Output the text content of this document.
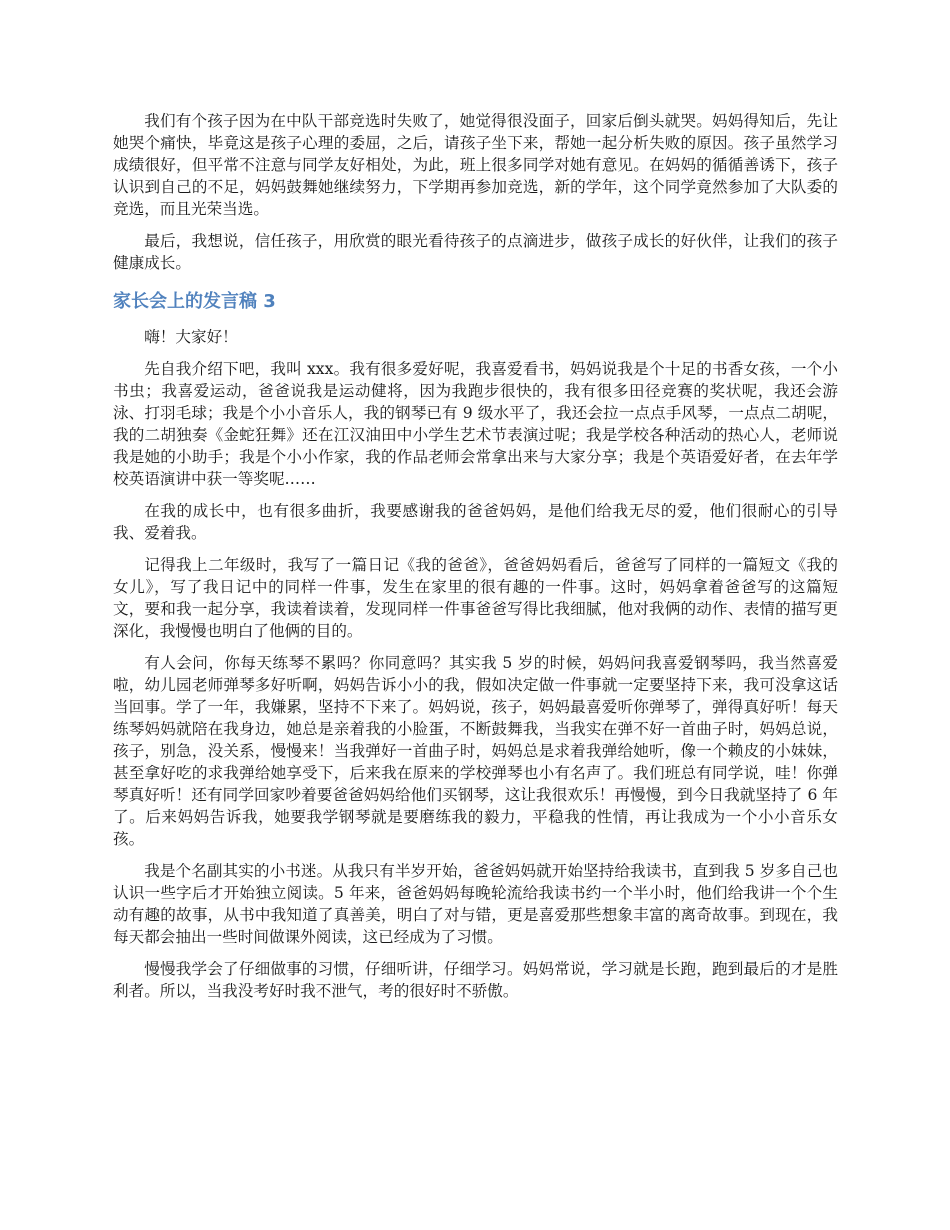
我们有个孩子因为在中队干部竞选时失败了，她觉得很没面子，回家后倒头就哭。妈妈得知后，先让她哭个痛快，毕竟这是孩子心理的委屈，之后，请孩子坐下来，帮她一起分析失败的原因。孩子虽然学习成绩很好，但平常不注意与同学友好相处，为此，班上很多同学对她有意见。在妈妈的循循善诱下，孩子认识到自己的不足，妈妈鼓舞她继续努力，下学期再参加竞选，新的学年，这个同学竟然参加了大队委的竞选，而且光荣当选。

最后，我想说，信任孩子，用欣赏的眼光看待孩子的点滴进步，做孩子成长的好伙伴，让我们的孩子健康成长。

家长会上的发言稿 3

嗨！大家好！

先自我介绍下吧，我叫 xxx。我有很多爱好呢，我喜爱看书，妈妈说我是个十足的书香女孩，一个小书虫；我喜爱运动，爸爸说我是运动健将，因为我跑步很快的，我有很多田径竞赛的奖状呢，我还会游泳、打羽毛球；我是个小小音乐人，我的钢琴已有 9 级水平了，我还会拉一点点手风琴，一点点二胡呢，我的二胡独奏《金蛇狂舞》还在江汉油田中小学生艺术节表演过呢；我是学校各种活动的热心人，老师说我是她的小助手；我是个小小作家，我的作品老师会常拿出来与大家分享；我是个英语爱好者，在去年学校英语演讲中获一等奖呢……

在我的成长中，也有很多曲折，我要感谢我的爸爸妈妈，是他们给我无尽的爱，他们很耐心的引导我、爱着我。

记得我上二年级时，我写了一篇日记《我的爸爸》，爸爸妈妈看后，爸爸写了同样的一篇短文《我的女儿》，写了我日记中的同样一件事，发生在家里的很有趣的一件事。这时，妈妈拿着爸爸写的这篇短文，要和我一起分享，我读着读着，发现同样一件事爸爸写得比我细腻，他对我俩的动作、表情的描写更深化，我慢慢也明白了他俩的目的。

有人会问，你每天练琴不累吗？你同意吗？其实我 5 岁的时候，妈妈问我喜爱钢琴吗，我当然喜爱啦，幼儿园老师弹琴多好听啊，妈妈告诉小小的我，假如决定做一件事就一定要坚持下来，我可没拿这话当回事。学了一年，我嫌累，坚持不下来了。妈妈说，孩子，妈妈最喜爱听你弹琴了，弹得真好听！每天练琴妈妈就陪在我身边，她总是亲着我的小脸蛋，不断鼓舞我，当我实在弹不好一首曲子时，妈妈总说，孩子，别急，没关系，慢慢来！当我弹好一首曲子时，妈妈总是求着我弹给她听，像一个赖皮的小妹妹，甚至拿好吃的求我弹给她享受下，后来我在原来的学校弹琴也小有名声了。我们班总有同学说，哇！你弹琴真好听！还有同学回家吵着要爸爸妈妈给他们买钢琴，这让我很欢乐！再慢慢，到今日我就坚持了 6 年了。后来妈妈告诉我，她要我学钢琴就是要磨练我的毅力，平稳我的性情，再让我成为一个小小音乐女孩。

我是个名副其实的小书迷。从我只有半岁开始，爸爸妈妈就开始坚持给我读书，直到我 5 岁多自己也认识一些字后才开始独立阅读。5 年来，爸爸妈妈每晚轮流给我读书约一个半小时，他们给我讲一个个生动有趣的故事，从书中我知道了真善美，明白了对与错，更是喜爱那些想象丰富的离奇故事。到现在，我每天都会抽出一些时间做课外阅读，这已经成为了习惯。

慢慢我学会了仔细做事的习惯，仔细听讲，仔细学习。妈妈常说，学习就是长跑，跑到最后的才是胜利者。所以，当我没考好时我不泄气，考的很好时不骄傲。
